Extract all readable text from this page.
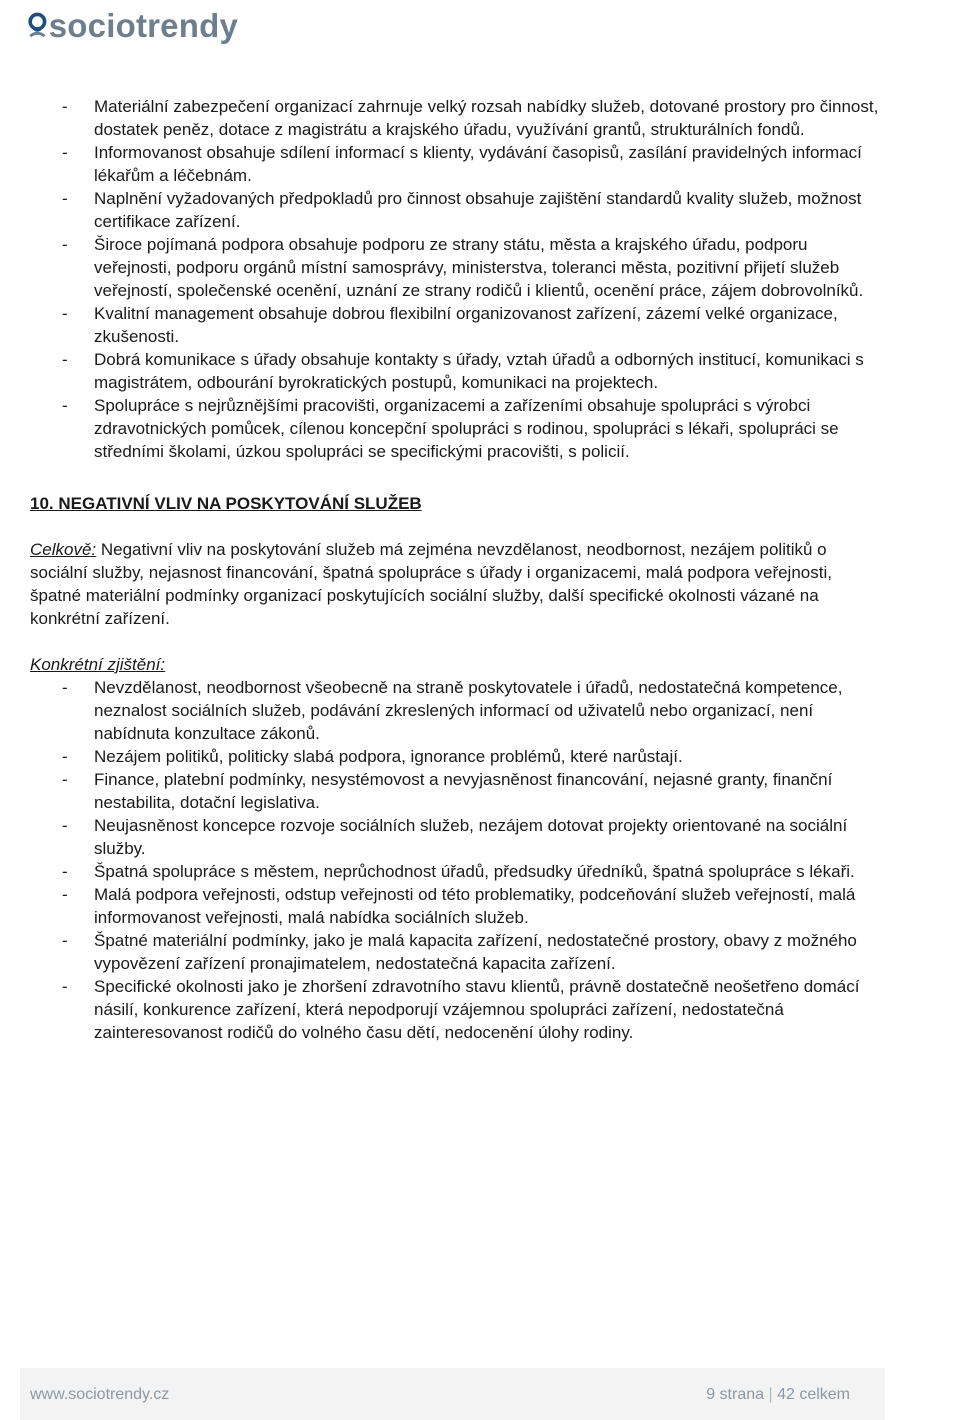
sociotrendy
- Materiální zabezpečení organizací zahrnuje velký rozsah nabídky služeb, dotované prostory pro činnost, dostatek peněz, dotace z magistrátu a krajského úřadu, využívání grantů, strukturálních fondů.
- Informovanost obsahuje sdílení informací s klienty, vydávání časopisů, zasílání pravidelných informací lékařům a léčebnám.
- Naplnění vyžadovaných předpokladů pro činnost obsahuje zajištění standardů kvality služeb, možnost certifikace zařízení.
- Široce pojímaná podpora obsahuje podporu ze strany státu, města a krajského úřadu, podporu veřejnosti, podporu orgánů místní samosprávy, ministerstva, toleranci města, pozitivní přijetí služeb veřejností, společenské ocenění, uznání ze strany rodičů i klientů, ocenění práce, zájem dobrovolníků.
- Kvalitní management obsahuje dobrou flexibilní organizovanost zařízení, zázemí velké organizace, zkušenosti.
- Dobrá komunikace s úřady obsahuje kontakty s úřady, vztah úřadů a odborných institucí, komunikaci s magistrátem, odbourání byrokratických postupů, komunikaci na projektech.
- Spolupráce s nejrůznějšími pracovišti, organizacemi a zařízeními obsahuje spolupráci s výrobci zdravotnických pomůcek, cílenou koncepční spolupráci s rodinou, spolupráci s lékaři, spolupráci se středními školami, úzkou spolupráci se specifickými pracovišti, s policií.
10. NEGATIVNÍ VLIV NA POSKYTOVÁNÍ SLUŽEB
Celkově: Negativní vliv na poskytování služeb má zejména nevzdělanost, neodbornost, nezájem politiků o sociální služby, nejasnost financování, špatná spolupráce s úřady i organizacemi, malá podpora veřejnosti, špatné materiální podmínky organizací poskytujících sociální služby, další specifické okolnosti vázané na konkrétní zařízení.
Konkrétní zjištění:
- Nevzdělanost, neodbornost všeobecně na straně poskytovatele i úřadů, nedostatečná kompetence, neznalost sociálních služeb, podávání zkreslených informací od uživatelů nebo organizací, není nabídnuta konzultace zákonů.
- Nezájem politiků, politicky slabá podpora, ignorance problémů, které narůstají.
- Finance, platební podmínky, nesystémovost a nevyjasněnost financování, nejasné granty, finanční nestabilita, dotační legislativa.
- Neujasněnost koncepce rozvoje sociálních služeb, nezájem dotovat projekty orientované na sociální služby.
- Špatná spolupráce s městem, neprůchodnost úřadů, předsudky úředníků, špatná spolupráce s lékaři.
- Malá podpora veřejnosti, odstup veřejnosti od této problematiky, podceňování služeb veřejností, malá informovanost veřejnosti, malá nabídka sociálních služeb.
- Špatné materiální podmínky, jako je malá kapacita zařízení, nedostatečné prostory, obavy z možného vypovězení zařízení pronajimatelem, nedostatečná kapacita zařízení.
- Specifické okolnosti jako je zhoršení zdravotního stavu klientů, právně dostatečně neošetřeno domácí násilí, konkurence zařízení, která nepodporují vzájemnou spolupráci zařízení, nedostatečná zainteresovanost rodičů do volného času dětí, nedocenění úlohy rodiny.
www.sociotrendy.cz	9 strana | 42 celkem
